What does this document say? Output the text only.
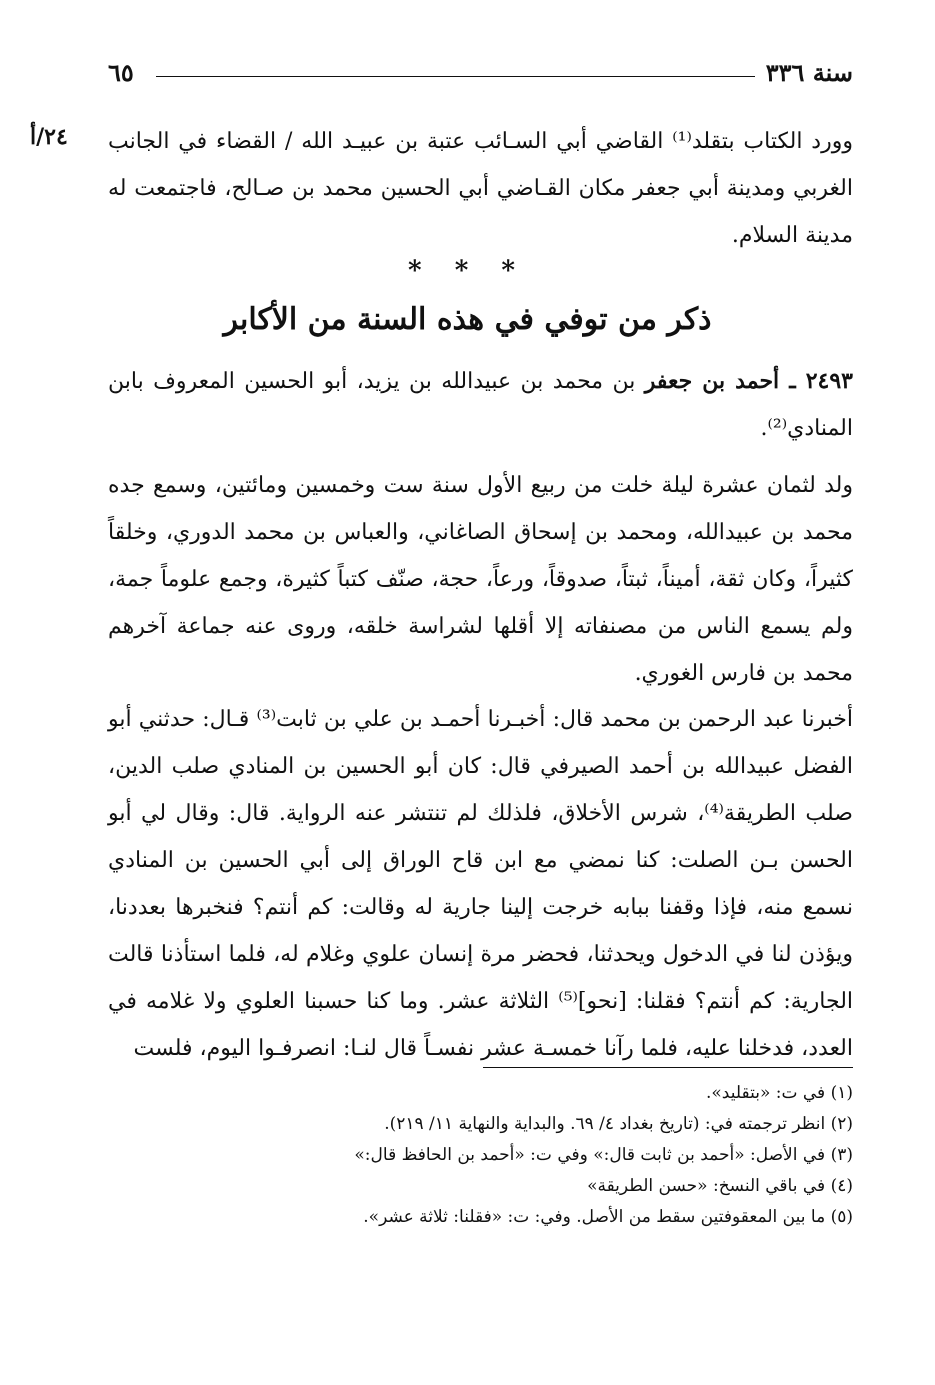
سنة ٣٣٦
٦٥
٢٤/أ وورد الكتاب بتقلد⁽¹⁾ القاضي أبي السـائب عتبة بن عبيـد الله / القضاء في الجانب الغربي ومدينة أبي جعفر مكان القـاضي أبي الحسين محمد بن صـالح، فاجتمعت له مدينة السلام.
* * *
ذكر من توفي في هذه السنة من الأكابر
٢٤٩٣ ـ أحمد بن جعفر بن محمد بن عبيدالله بن يزيد، أبو الحسين المعروف بابن المنادي⁽²⁾.
ولد لثمان عشرة ليلة خلت من ربيع الأول سنة ست وخمسين ومائتين، وسمع جده محمد بن عبيدالله، ومحمد بن إسحاق الصاغاني، والعباس بن محمد الدوري، وخلقاً كثيراً، وكان ثقة، أميناً، ثبتاً، صدوقاً، ورعاً، حجة، صنّف كتباً كثيرة، وجمع علوماً جمة، ولم يسمع الناس من مصنفاته إلا أقلها لشراسة خلقه، وروى عنه جماعة آخرهم محمد بن فارس الغوري.
أخبرنا عبد الرحمن بن محمد قال: أخبـرنا أحمـد بن علي بن ثابت⁽³⁾ قـال: حدثني أبو الفضل عبيدالله بن أحمد الصيرفي قال: كان أبو الحسين بن المنادي صلب الدين، صلب الطريقة⁽⁴⁾، شرس الأخلاق، فلذلك لم تنتشر عنه الرواية. قال: وقال لي أبو الحسن بـن الصلت: كنا نمضي مع ابن قاح الوراق إلى أبي الحسين بن المنادي نسمع منه، فإذا وقفنا ببابه خرجت إلينا جارية له وقالت: كم أنتم؟ فنخبرها بعددنا، ويؤذن لنا في الدخول ويحدثنا، فحضر مرة إنسان علوي وغلام له، فلما استأذنا قالت الجارية: كم أنتم؟ فقلنا: [نحو]⁽⁵⁾ الثلاثة عشر. وما كنا حسبنا العلوي ولا غلامه في العدد، فدخلنا عليه، فلما رآنا خمسـة عشر نفسـاً قال لنـا: انصرفـوا اليوم، فلست
(١) في ت: «بتقليد».
(٢) انظر ترجمته في: (تاريخ بغداد ٤/ ٦٩. والبداية والنهاية ١١/ ٢١٩).
(٣) في الأصل: «أحمد بن ثابت قال:» وفي ت: «أحمد بن الحافظ قال:»
(٤) في باقي النسخ: «حسن الطريقة»
(٥) ما بين المعقوفتين سقط من الأصل. وفي: ت: «فقلنا: ثلاثة عشر».
